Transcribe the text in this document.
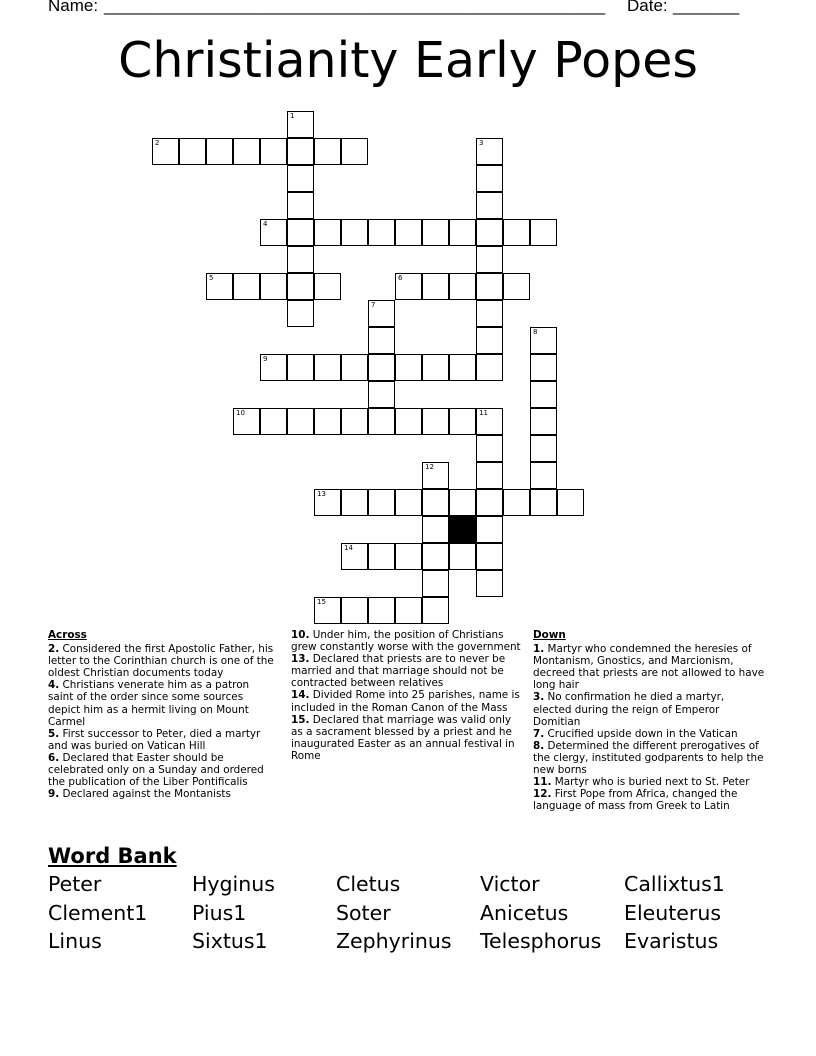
Name: _____________________________________________________ Date: _______
Christianity Early Popes
1
2	3
4
5	6
7
8
9
10	11
12
13
14
15
Across

2. Considered the first Apostolic Father, his letter to the Corinthian church is one of the oldest Christian documents today

4. Christians venerate him as a patron saint of the order since some sources depict him as a hermit living on Mount Carmel

5. First successor to Peter, died a martyr and was buried on Vatican Hill

6. Declared that Easter should be celebrated only on a Sunday and ordered the publication of the Liber Pontificalis

9. Declared against the Montanists

10. Under him, the position of Christians grew constantly worse with the government

13. Declared that priests are to never be married and that marriage should not be contracted between relatives

14. Divided Rome into 25 parishes, name is included in the Roman Canon of the Mass

15. Declared that marriage was valid only as a sacrament blessed by a priest and he inaugurated Easter as an annual festival in Rome

Down

1. Martyr who condemned the heresies of Montanism, Gnostics, and Marcionism, decreed that priests are not allowed to have long hair

3. No confirmation he died a martyr, elected during the reign of Emperor Domitian

7. Crucified upside down in the Vatican

8. Determined the different prerogatives of the clergy, instituted godparents to help the new borns

11. Martyr who is buried next to St. Peter

12. First Pope from Africa, changed the language of mass from Greek to Latin

Word Bank
Peter	Hyginus	Cletus	Victor	Callixtus1
Clement1 Pius1	Soter	Anicetus	Eleuterus
Linus	Sixtus1	Zephyrinus Telesphorus Evaristus
